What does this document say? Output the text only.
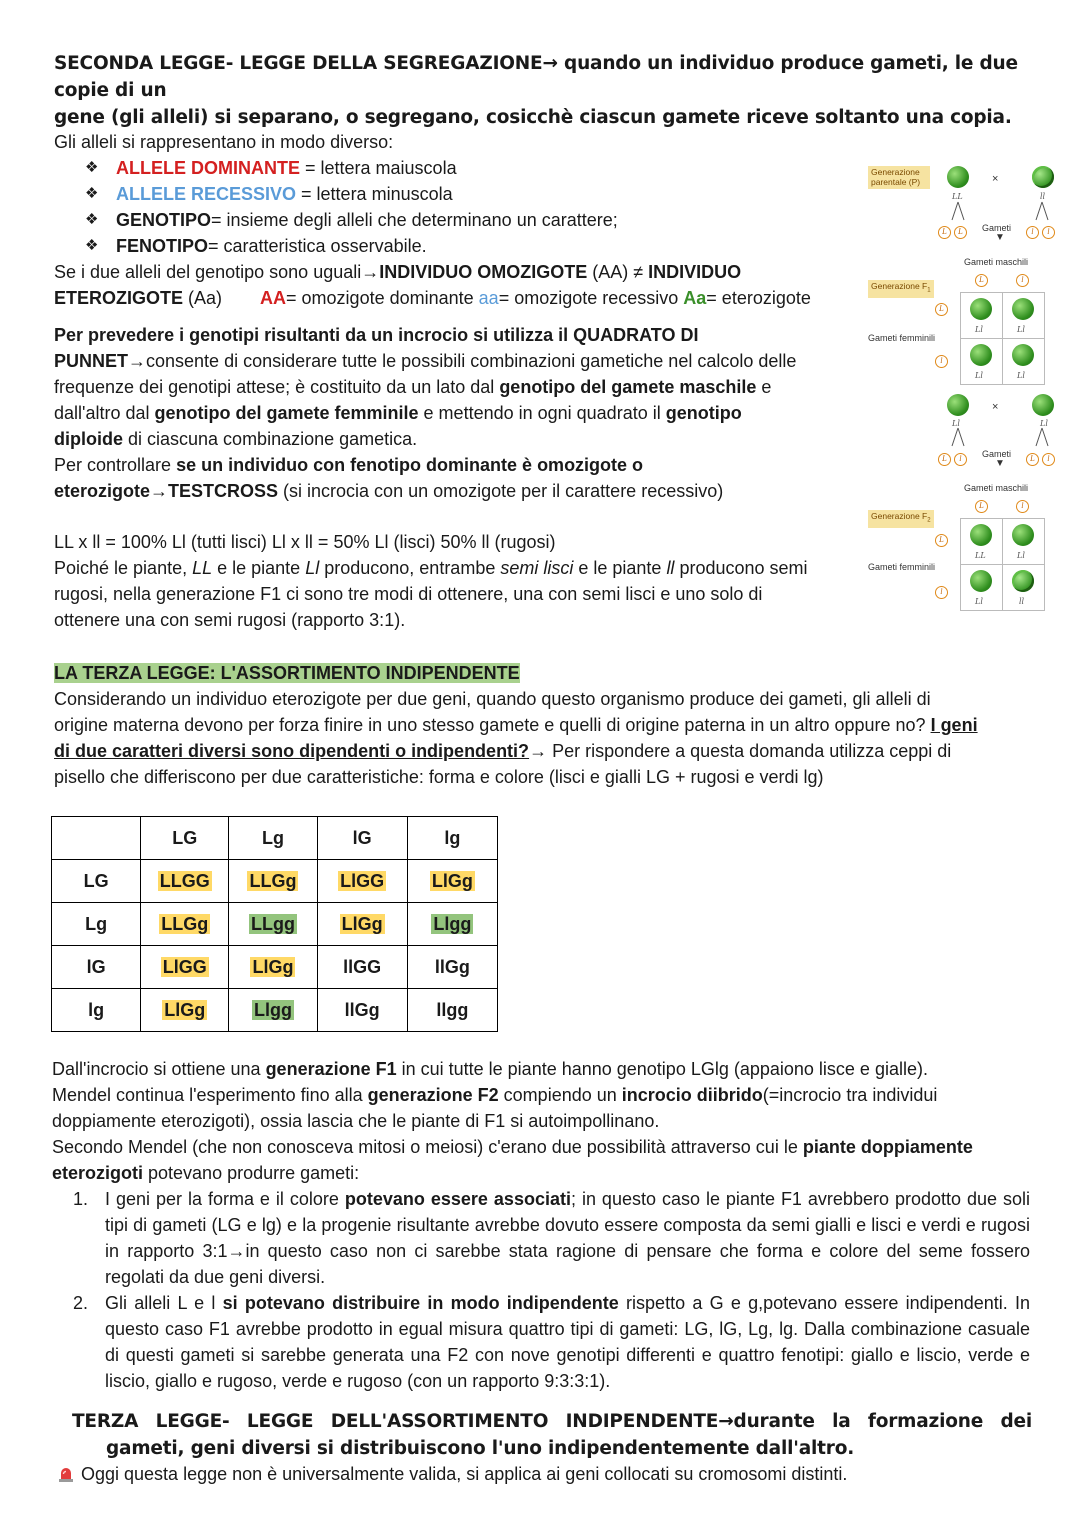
SECONDA LEGGE- LEGGE DELLA SEGREGAZIONE→ quando un individuo produce gameti, le due copie di un
gene (gli alleli) si separano, o segregano, cosicchè ciascun gamete riceve soltanto una copia.
Gli alleli si rappresentano in modo diverso:
❖ ALLELE DOMINANTE = lettera maiuscola
❖ ALLELE RECESSIVO = lettera minuscola
❖ GENOTIPO= insieme degli alleli che determinano un carattere;
❖ FENOTIPO= caratteristica osservabile.
Se i due alleli del genotipo sono uguali→INDIVIDUO OMOZIGOTE (AA) ≠ INDIVIDUO
ETEROZIGOTE (Aa) AA= omozigote dominante aa= omozigote recessivo Aa= eterozigote
Per prevedere i genotipi risultanti da un incrocio si utilizza il QUADRATO DI
PUNNET→consente di considerare tutte le possibili combinazioni gametiche nel calcolo delle
frequenze dei genotipi attese; è costituito da un lato dal genotipo del gamete maschile e
dall'altro dal genotipo del gamete femminile e mettendo in ogni quadrato il genotipo
diploide di ciascuna combinazione gametica.
Per controllare se un individuo con fenotipo dominante è omozigote o
eterozigote→TESTCROSS (si incrocia con un omozigote per il carattere recessivo)
LL x ll = 100% Ll (tutti lisci) Ll x ll = 50% Ll (lisci) 50% ll (rugosi)
Poiché le piante, LL e le piante Ll producono, entrambe semi lisci e le piante ll producono semi
rugosi, nella generazione F1 ci sono tre modi di ottenere, una con semi lisci e uno solo di
ottenere una con semi rugosi (rapporto 3:1).
Generazione parentale (P)	×
LL	ll
L	L	Gameti
▼	l	l
Gameti maschili
L	l
Generazione $F_1$
L
Gameti femminili
l
Ll	Ll
Ll	Ll
×
Ll	Ll
L	l	Gameti
▼	L	l
Gameti maschili
L	l
Generazione $F_2$
L
Gameti femminili
l
LL	Ll
Ll	ll
LA TERZA LEGGE: L'ASSORTIMENTO INDIPENDENTE
Considerando un individuo eterozigote per due geni, quando questo organismo produce dei gameti, gli alleli di
origine materna devono per forza finire in uno stesso gamete e quelli di origine paterna in un altro oppure no? I geni
di due caratteri diversi sono dipendenti o indipendenti?→ Per rispondere a questa domanda utilizza ceppi di
pisello che differiscono per due caratteristiche: forma e colore (lisci e gialli LG + rugosi e verdi lg)
	LG	Lg	lG	lg
LG	LLGG	LLGg	LlGG	LlGg
Lg	LLGg	LLgg	LlGg	Llgg
lG	LlGG	LlGg	llGG	llGg
lg	LlGg	Llgg	llGg	llgg
Dall'incrocio si ottiene una generazione F1 in cui tutte le piante hanno genotipo LGlg (appaiono lisce e gialle).
Mendel continua l'esperimento fino alla generazione F2 compiendo un incrocio diibrido(=incrocio tra individui
doppiamente eterozigoti), ossia lascia che le piante di F1 si autoimpollinano.
Secondo Mendel (che non conosceva mitosi o meiosi) c'erano due possibilità attraverso cui le piante doppiamente
eterozigoti potevano produrre gameti:
1. I geni per la forma e il colore potevano essere associati; in questo caso le piante F1 avrebbero prodotto due soli tipi di gameti (LG e lg) e la progenie risultante avrebbe dovuto essere composta da semi gialli e lisci e verdi e rugosi in rapporto 3:1→in questo caso non ci sarebbe stata ragione di pensare che forma e colore del seme fossero regolati da due geni diversi.
2. Gli alleli L e l si potevano distribuire in modo indipendente rispetto a G e g,potevano essere indipendenti. In questo caso F1 avrebbe prodotto in egual misura quattro tipi di gameti: LG, lG, Lg, lg. Dalla combinazione casuale di questi gameti si sarebbe generata una F2 con nove genotipi differenti e quattro fenotipi: giallo e liscio, verde e liscio, giallo e rugoso, verde e rugoso (con un rapporto 9:3:3:1).
TERZA LEGGE- LEGGE DELL'ASSORTIMENTO INDIPENDENTE→durante la formazione dei gameti, geni diversi si distribuiscono l'uno indipendentemente dall'altro.
Oggi questa legge non è universalmente valida, si applica ai geni collocati su cromosomi distinti.
